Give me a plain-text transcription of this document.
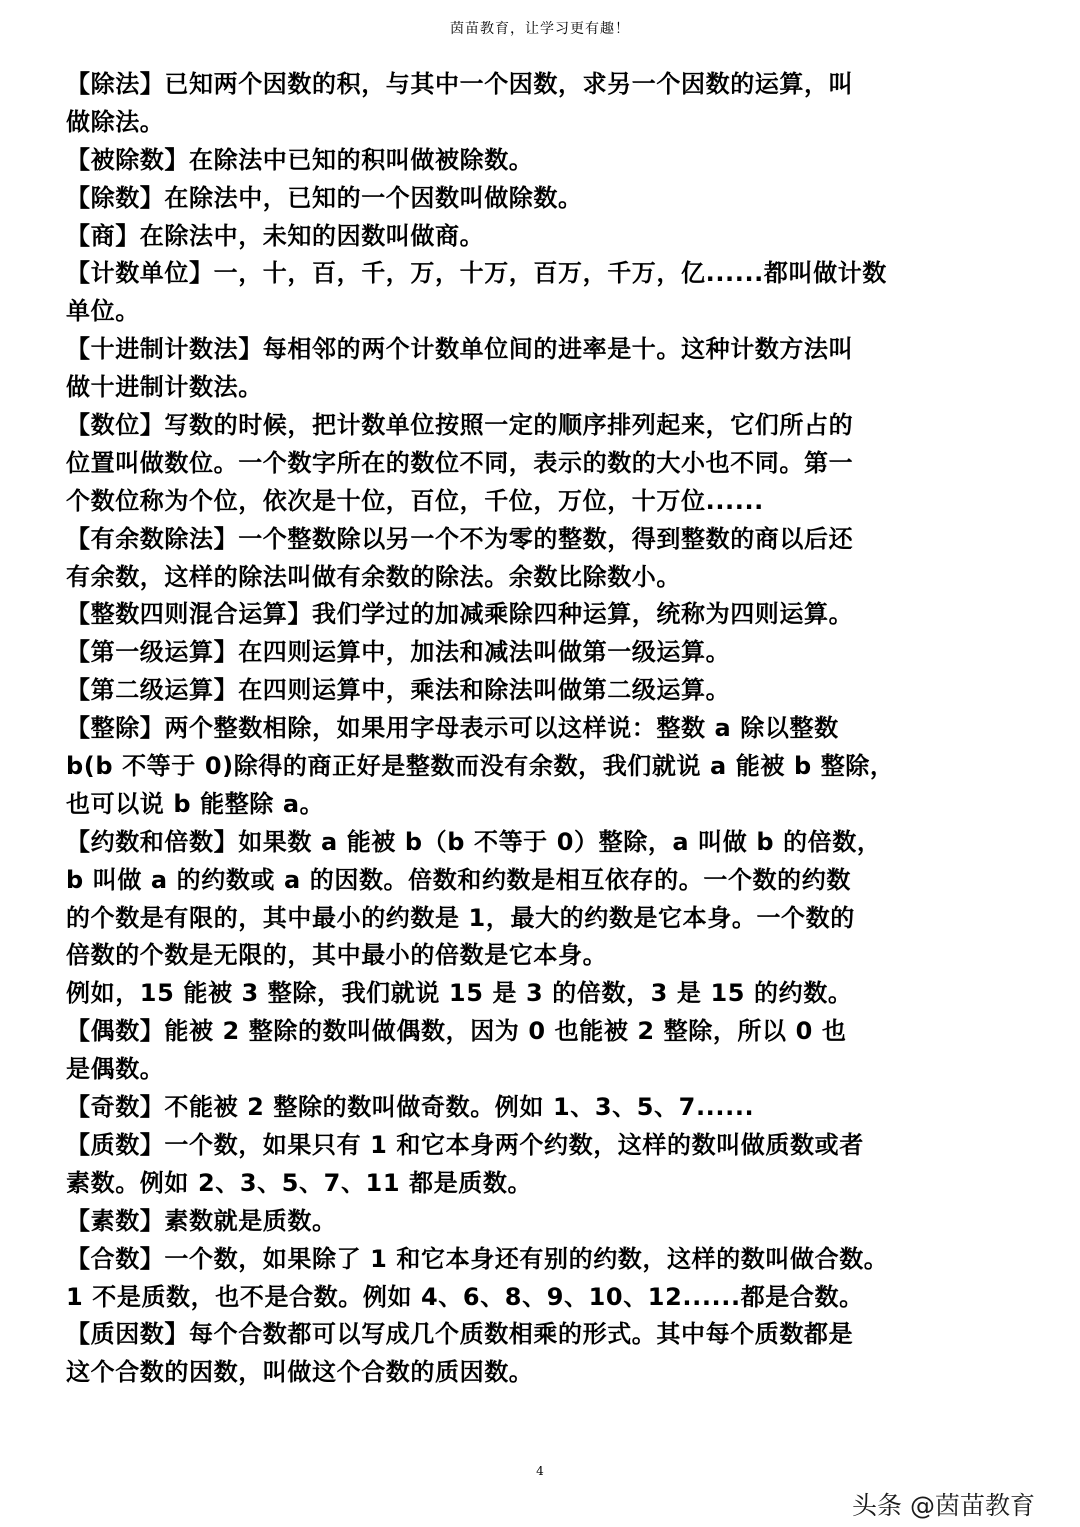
茵苗教育，让学习更有趣！
【除法】已知两个因数的积，与其中一个因数，求另一个因数的运算，叫
做除法。
【被除数】在除法中已知的积叫做被除数。
【除数】在除法中，已知的一个因数叫做除数。
【商】在除法中，未知的因数叫做商。
【计数单位】一，十，百，千，万，十万，百万，千万，亿......都叫做计数
单位。
【十进制计数法】每相邻的两个计数单位间的进率是十。这种计数方法叫
做十进制计数法。
【数位】写数的时候，把计数单位按照一定的顺序排列起来，它们所占的
位置叫做数位。一个数字所在的数位不同，表示的数的大小也不同。第一
个数位称为个位，依次是十位，百位，千位，万位，十万位......
【有余数除法】一个整数除以另一个不为零的整数，得到整数的商以后还
有余数，这样的除法叫做有余数的除法。余数比除数小。
【整数四则混合运算】我们学过的加减乘除四种运算，统称为四则运算。
【第一级运算】在四则运算中，加法和减法叫做第一级运算。
【第二级运算】在四则运算中，乘法和除法叫做第二级运算。
【整除】两个整数相除，如果用字母表示可以这样说：整数 a 除以整数
b(b 不等于 0)除得的商正好是整数而没有余数，我们就说 a 能被 b 整除，
也可以说 b 能整除 a。
【约数和倍数】如果数 a 能被 b（b 不等于 0）整除，a 叫做 b 的倍数，
b 叫做 a 的约数或 a 的因数。倍数和约数是相互依存的。一个数的约数
的个数是有限的，其中最小的约数是 1，最大的约数是它本身。一个数的
倍数的个数是无限的，其中最小的倍数是它本身。
例如，15 能被 3 整除，我们就说 15 是 3 的倍数，3 是 15 的约数。
【偶数】能被 2 整除的数叫做偶数，因为 0 也能被 2 整除，所以 0 也
是偶数。
【奇数】不能被 2 整除的数叫做奇数。例如 1、3、5、7......
【质数】一个数，如果只有 1 和它本身两个约数，这样的数叫做质数或者
素数。例如 2、3、5、7、11 都是质数。
【素数】素数就是质数。
【合数】一个数，如果除了 1 和它本身还有别的约数，这样的数叫做合数。
1 不是质数，也不是合数。例如 4、6、8、9、10、12......都是合数。
【质因数】每个合数都可以写成几个质数相乘的形式。其中每个质数都是
这个合数的因数，叫做这个合数的质因数。
4
头条 @茵苗教育
